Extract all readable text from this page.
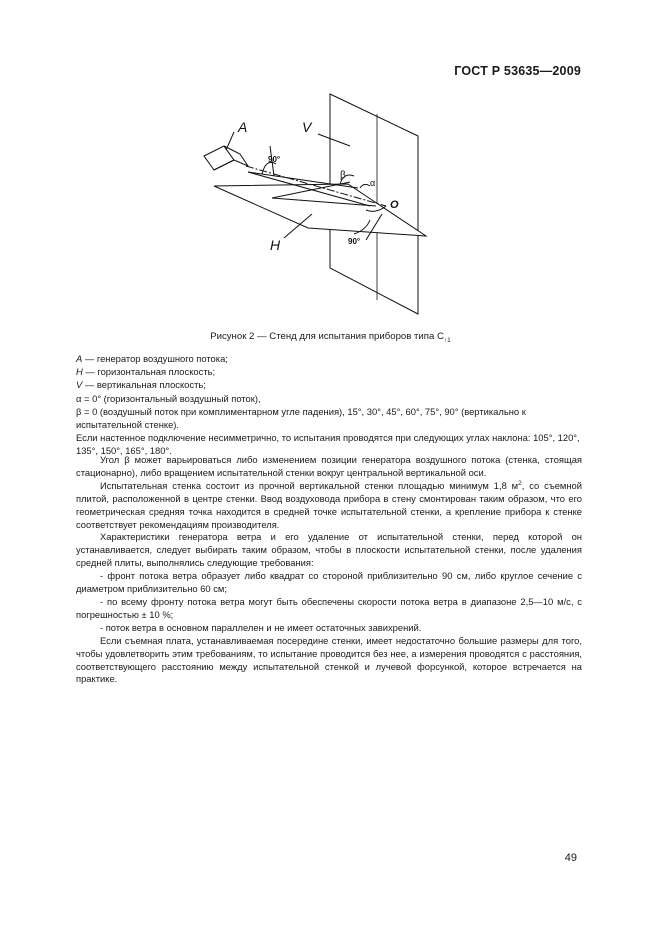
ГОСТ Р 53635—2009
A	V
H
O
β
α
90°
90°
Рисунок 2 — Стенд для испытания приборов типа $C_{↑1}$

A — генератор воздушного потока;

H — горизонтальная плоскость;

V — вертикальная плоскость;

α = 0° (горизонтальный воздушный поток),

β = 0 (воздушный поток при комплиментарном угле падения), 15°, 30°, 45°, 60°, 75°, 90° (вертикально к испытательной стенке).

Если настенное подключение несимметрично, то испытания проводятся при следующих углах наклона: 105°, 120°, 135°, 150°, 165°, 180°.

Угол β может варьироваться либо изменением позиции генератора воздушного потока (стенка, стоящая стационарно), либо вращением испытательной стенки вокруг центральной вертикальной оси.

Испытательная стенка состоит из прочной вертикальной стенки площадью минимум 1,8 $м^2$, со съемной плитой, расположенной в центре стенки. Ввод воздуховода прибора в стену смонтирован таким образом, что его геометрическая средняя точка находится в средней точке испытательной стенки, а крепление прибора к стенке соответствует рекомендациям производителя.

Характеристики генератора ветра и его удаление от испытательной стенки, перед которой он устанавливается, следует выбирать таким образом, чтобы в плоскости испытательной стенки, после удаления средней плиты, выполнялись следующие требования:

- фронт потока ветра образует либо квадрат со стороной приблизительно 90 см, либо круглое сечение с диаметром приблизительно 60 см;

- по всему фронту потока ветра могут быть обеспечены скорости потока ветра в диапазоне 2,5—10 м/с, с погрешностью ± 10 %;

- поток ветра в основном параллелен и не имеет остаточных завихрений.

Если съемная плата, устанавливаемая посередине стенки, имеет недостаточно большие размеры для того, чтобы удовлетворить этим требованиям, то испытание проводится без нее, а измерения проводятся с расстояния, соответствующего расстоянию между испытательной стенкой и лучевой форсункой, которое встречается на практике.

49
